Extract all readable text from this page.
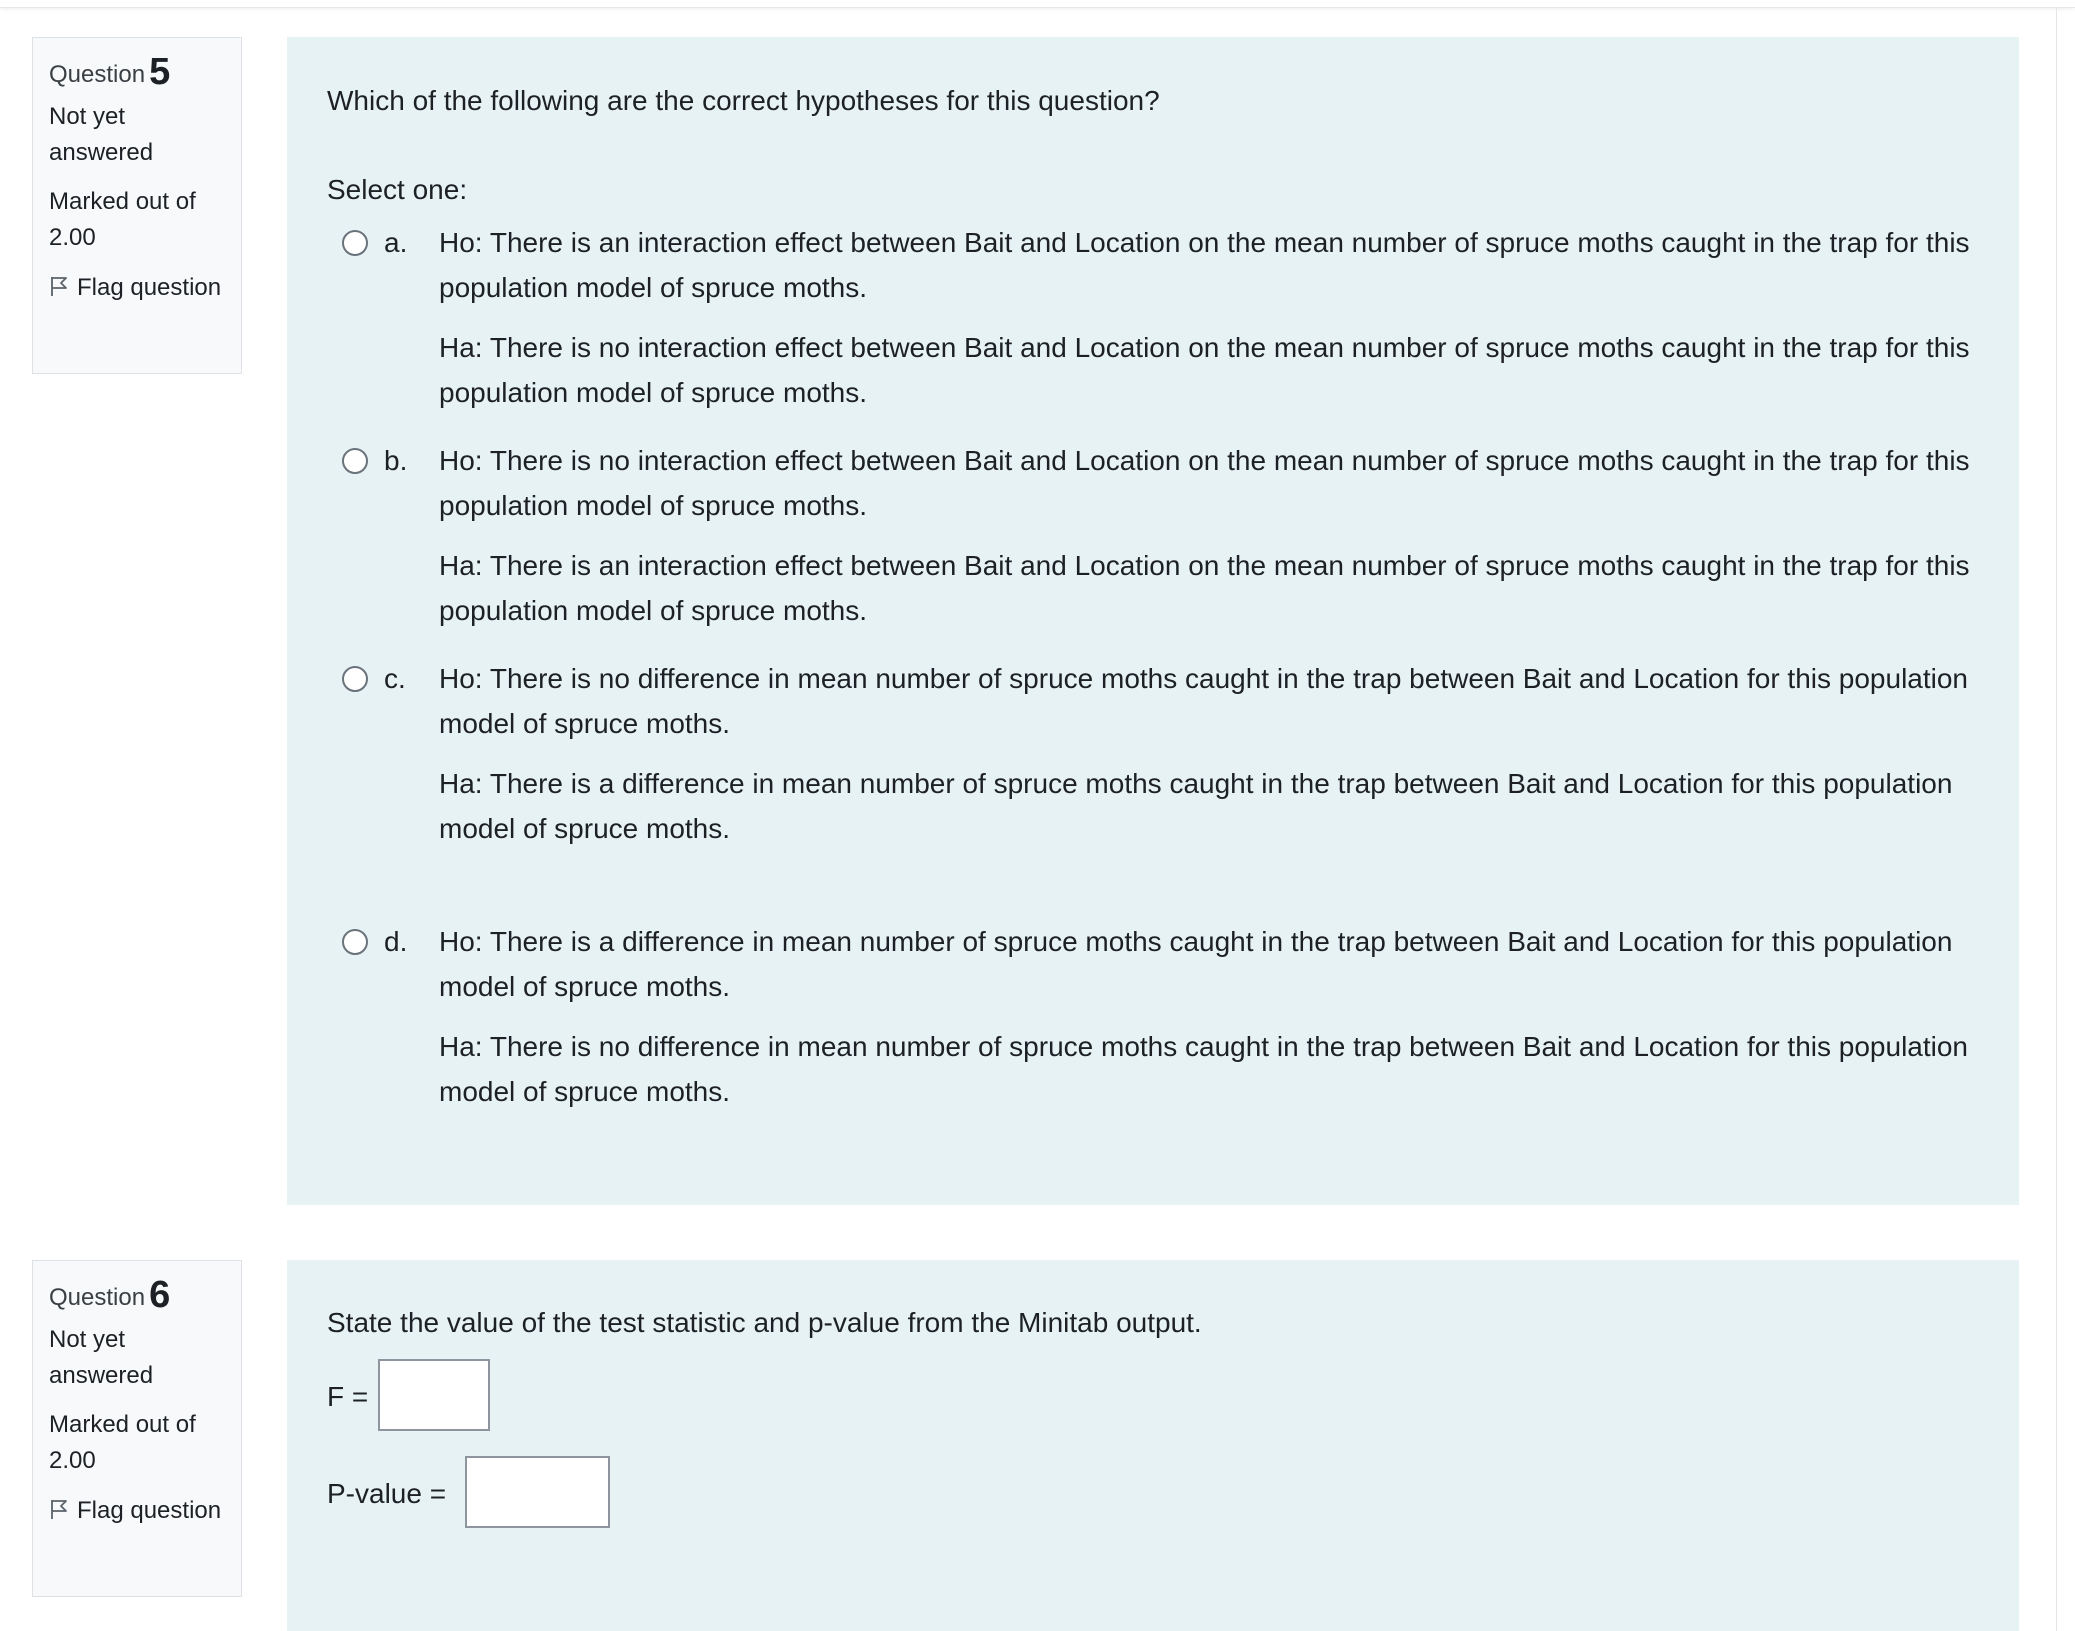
Question 5
Not yet answered
Marked out of 2.00
Flag question
Which of the following are the correct hypotheses for this question?
Select one:
a. Ho: There is an interaction effect between Bait and Location on the mean number of spruce moths caught in the trap for this population model of spruce moths.

Ha: There is no interaction effect between Bait and Location on the mean number of spruce moths caught in the trap for this population model of spruce moths.

b. Ho: There is no interaction effect between Bait and Location on the mean number of spruce moths caught in the trap for this population model of spruce moths.

Ha: There is an interaction effect between Bait and Location on the mean number of spruce moths caught in the trap for this population model of spruce moths.

c. Ho: There is no difference in mean number of spruce moths caught in the trap between Bait and Location for this population model of spruce moths.

Ha: There is a difference in mean number of spruce moths caught in the trap between Bait and Location for this population model of spruce moths.

d. Ho: There is a difference in mean number of spruce moths caught in the trap between Bait and Location for this population model of spruce moths.

Ha: There is no difference in mean number of spruce moths caught in the trap between Bait and Location for this population model of spruce moths.

Question 6
Not yet answered
Marked out of 2.00
Flag question
State the value of the test statistic and p-value from the Minitab output.
F =
P-value =
